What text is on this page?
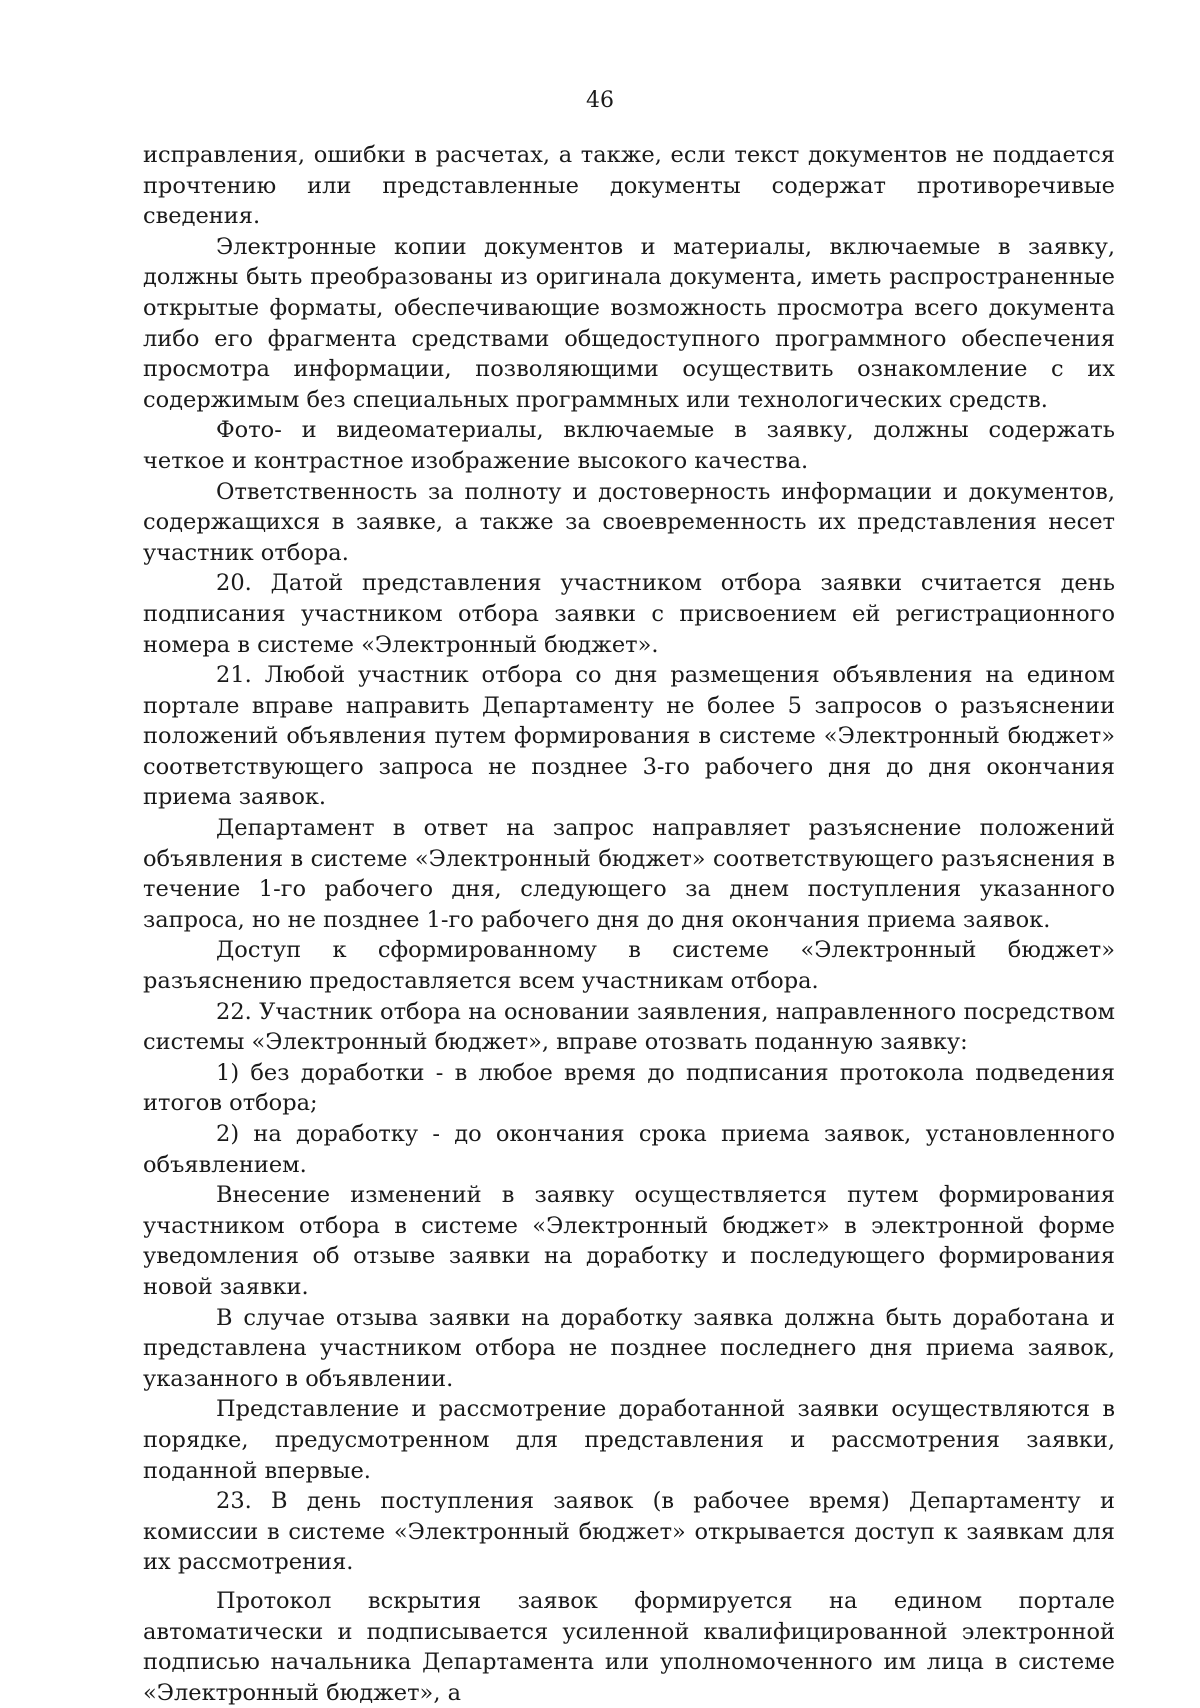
46

исправления, ошибки в расчетах, а также, если текст документов не поддается прочтению или представленные документы содержат противоречивые сведения.

Электронные копии документов и материалы, включаемые в заявку, должны быть преобразованы из оригинала документа, иметь распространенные открытые форматы, обеспечивающие возможность просмотра всего документа либо его фрагмента средствами общедоступного программного обеспечения просмотра информации, позволяющими осуществить ознакомление с их содержимым без специальных программных или технологических средств.

Фото- и видеоматериалы, включаемые в заявку, должны содержать четкое и контрастное изображение высокого качества.

Ответственность за полноту и достоверность информации и документов, содержащихся в заявке, а также за своевременность их представления несет участник отбора.

20. Датой представления участником отбора заявки считается день подписания участником отбора заявки с присвоением ей регистрационного номера в системе «Электронный бюджет».

21. Любой участник отбора со дня размещения объявления на едином портале вправе направить Департаменту не более 5 запросов о разъяснении положений объявления путем формирования в системе «Электронный бюджет» соответствующего запроса не позднее 3-го рабочего дня до дня окончания приема заявок.

Департамент в ответ на запрос направляет разъяснение положений объявления в системе «Электронный бюджет» соответствующего разъяснения в течение 1-го рабочего дня, следующего за днем поступления указанного запроса, но не позднее 1-го рабочего дня до дня окончания приема заявок.

Доступ к сформированному в системе «Электронный бюджет» разъяснению предоставляется всем участникам отбора.

22. Участник отбора на основании заявления, направленного посредством системы «Электронный бюджет», вправе отозвать поданную заявку:

1) без доработки - в любое время до подписания протокола подведения итогов отбора;

2) на доработку - до окончания срока приема заявок, установленного объявлением.

Внесение изменений в заявку осуществляется путем формирования участником отбора в системе «Электронный бюджет» в электронной форме уведомления об отзыве заявки на доработку и последующего формирования новой заявки.

В случае отзыва заявки на доработку заявка должна быть доработана и представлена участником отбора не позднее последнего дня приема заявок, указанного в объявлении.

Представление и рассмотрение доработанной заявки осуществляются в порядке, предусмотренном для представления и рассмотрения заявки, поданной впервые.

23. В день поступления заявок (в рабочее время) Департаменту и комиссии в системе «Электронный бюджет» открывается доступ к заявкам для их рассмотрения.

Протокол вскрытия заявок формируется на едином портале автоматически и подписывается усиленной квалифицированной электронной подписью начальника Департамента или уполномоченного им лица в системе «Электронный бюджет», а
